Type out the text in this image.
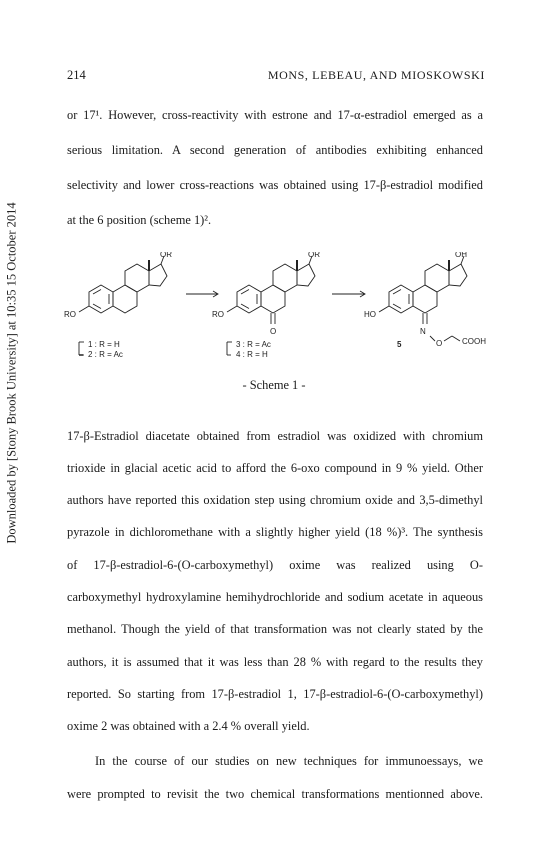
Downloaded by [Stony Brook University] at 10:35 15 October 2014
214	MONS, LEBEAU, AND MIOSKOWSKI
or 17¹. However, cross-reactivity with estrone and 17-α-estradiol emerged as a
serious limitation. A second generation of antibodies exhibiting enhanced
selectivity and lower cross-reactions was obtained using 17-β-estradiol modified
at the 6 position (scheme 1)².
OR
RO
1 : R = H
2 : R = Ac
OR
RO
O
3 : R = Ac
4 : R = H
OH
HO
N
O COOH
5
- Scheme 1 -
17-β-Estradiol diacetate obtained from estradiol was oxidized with chromium
trioxide in glacial acetic acid to afford the 6-oxo compound in 9 % yield. Other
authors have reported this oxidation step using chromium oxide and 3,5-dimethyl
pyrazole in dichloromethane with a slightly higher yield (18 %)³. The synthesis
of 17-β-estradiol-6-(O-carboxymethyl) oxime was realized using O-
carboxymethyl hydroxylamine hemihydrochloride and sodium acetate in aqueous
methanol. Though the yield of that transformation was not clearly stated by the
authors, it is assumed that it was less than 28 % with regard to the results they
reported. So starting from 17-β-estradiol 1, 17-β-estradiol-6-(O-carboxymethyl)
oxime 2 was obtained with a 2.4 % overall yield.
In the course of our studies on new techniques for immunoessays, we
were prompted to revisit the two chemical transformations mentionned above.
